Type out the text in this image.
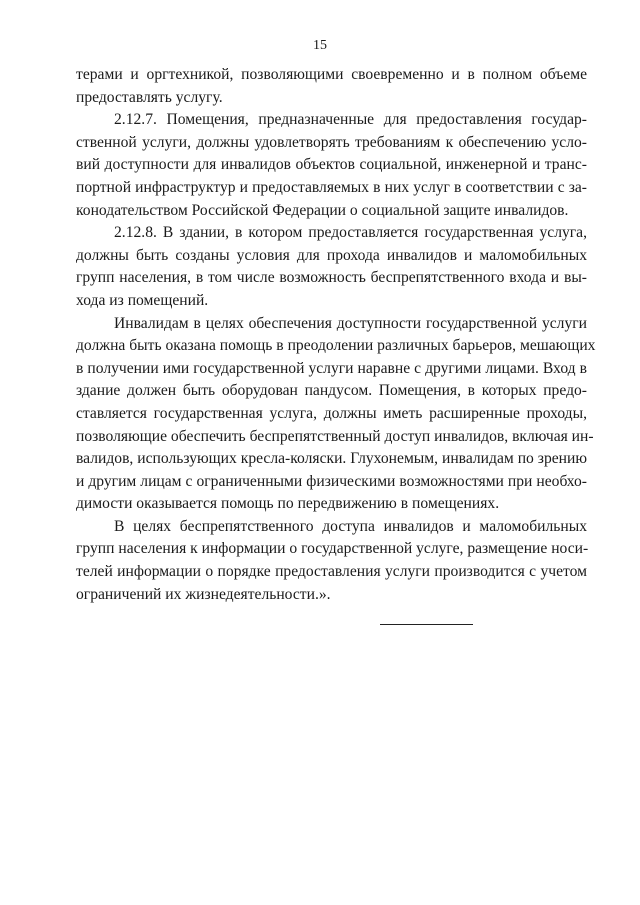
15

терами и оргтехникой, позволяющими своевременно и в полном объеме
предоставлять услугу.

2.12.7. Помещения, предназначенные для предоставления государ-
ственной услуги, должны удовлетворять требованиям к обеспечению усло-
вий доступности для инвалидов объектов социальной, инженерной и транс-
портной инфраструктур и предоставляемых в них услуг в соответствии с за-
конодательством Российской Федерации о социальной защите инвалидов.

2.12.8. В здании, в котором предоставляется государственная услуга,
должны быть созданы условия для прохода инвалидов и маломобильных
групп населения, в том числе возможность беспрепятственного входа и вы-
хода из помещений.

Инвалидам в целях обеспечения доступности государственной услуги
должна быть оказана помощь в преодолении различных барьеров, мешающих
в получении ими государственной услуги наравне с другими лицами. Вход в
здание должен быть оборудован пандусом. Помещения, в которых предо-
ставляется государственная услуга, должны иметь расширенные проходы,
позволяющие обеспечить беспрепятственный доступ инвалидов, включая ин-
валидов, использующих кресла-коляски. Глухонемым, инвалидам по зрению
и другим лицам с ограниченными физическими возможностями при необхо-
димости оказывается помощь по передвижению в помещениях.

В целях беспрепятственного доступа инвалидов и маломобильных
групп населения к информации о государственной услуге, размещение носи-
телей информации о порядке предоставления услуги производится с учетом
ограничений их жизнедеятельности.».
